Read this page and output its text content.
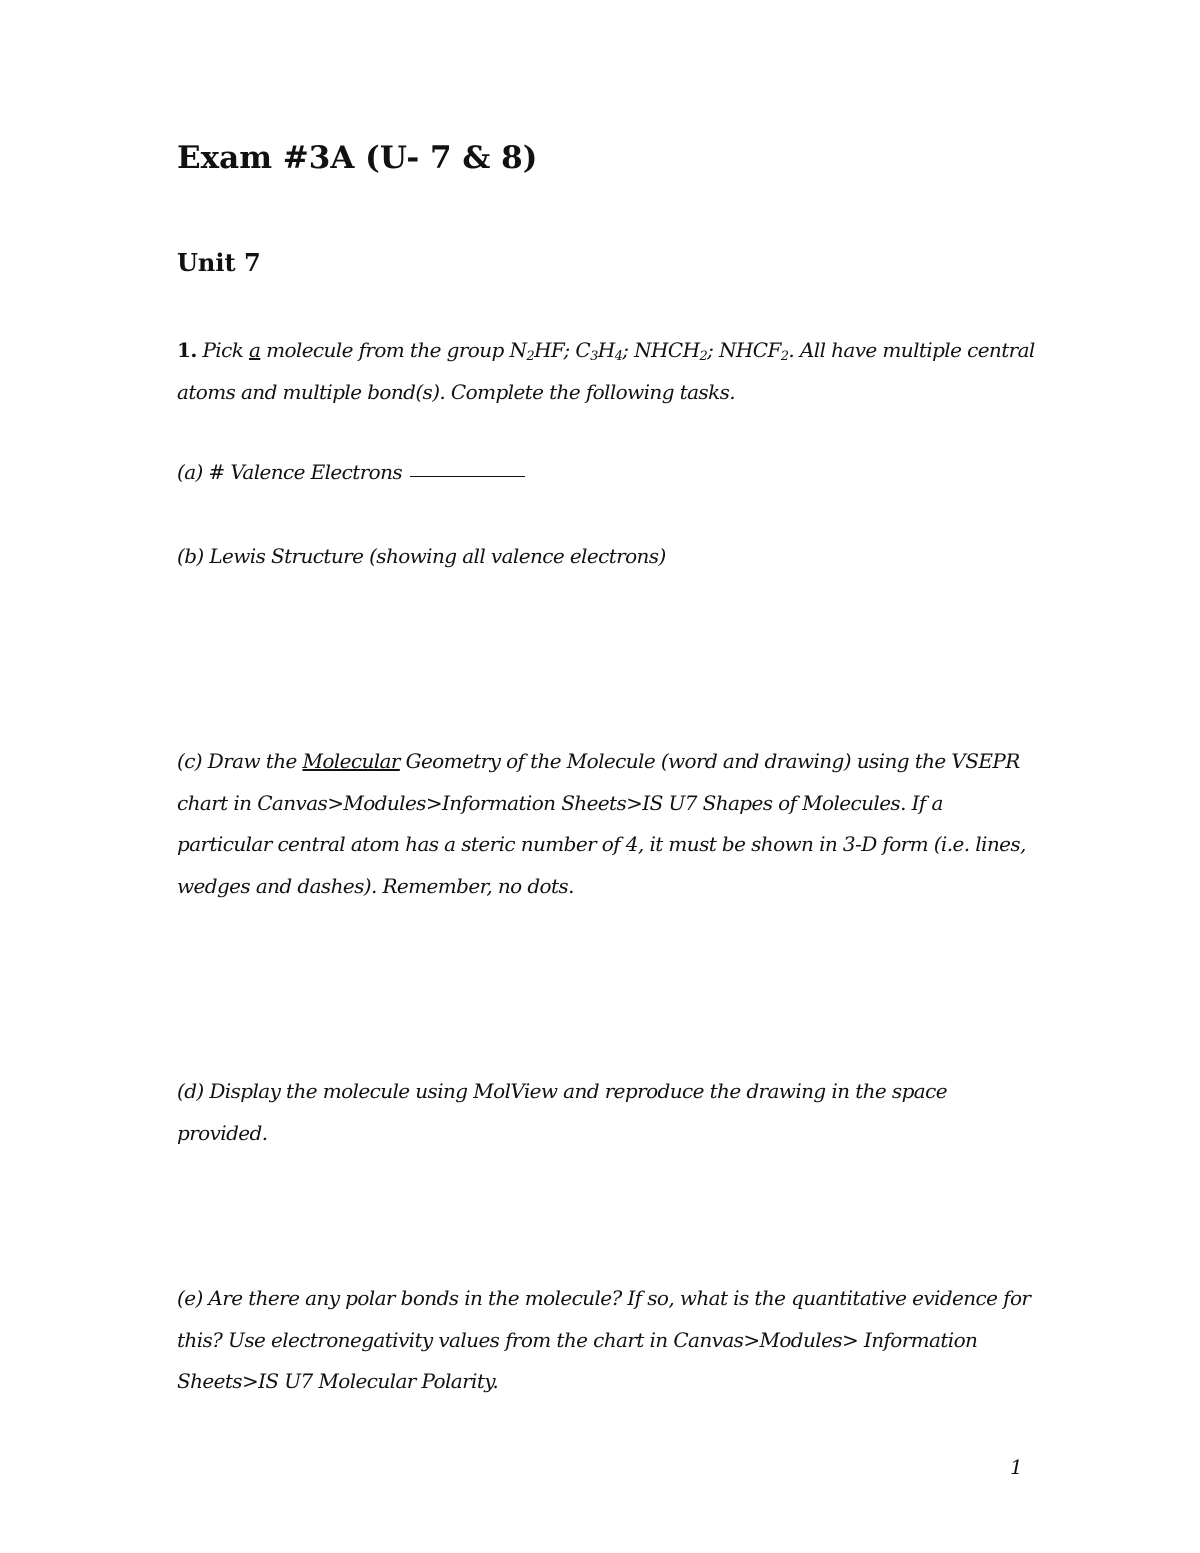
Exam #3A (U- 7 & 8)
Unit 7
1. Pick a molecule from the group $N_2HF$; $C_3H_4$; $NHCH_2$; $NHCF_2$. All have multiple central atoms and multiple bond(s). Complete the following tasks.
(a) # Valence Electrons
(b) Lewis Structure (showing all valence electrons)
(c) Draw the Molecular Geometry of the Molecule (word and drawing) using the VSEPR chart in Canvas>Modules>Information Sheets>IS U7 Shapes of Molecules. If a particular central atom has a steric number of 4, it must be shown in 3-D form (i.e. lines, wedges and dashes). Remember, no dots.
(d) Display the molecule using MolView and reproduce the drawing in the space provided.
(e) Are there any polar bonds in the molecule? If so, what is the quantitative evidence for this? Use electronegativity values from the chart in Canvas>Modules> Information Sheets>IS U7 Molecular Polarity.
1
